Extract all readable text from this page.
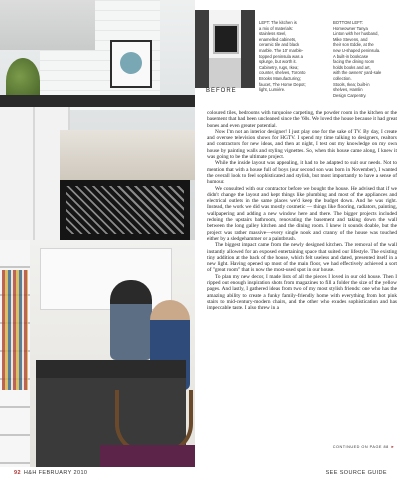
BEFORE
LEFT: The kitchen is
a mix of materials:
stainless steel,
enamelled cabinets,
ceramic tile and black
marble. The 10' marble-
topped peninsula was a
splurge, but worth it.
Cabinetry, rugs, Ikea;
counter, shelves, Toronto
Brooks Manufacturing;
faucet, The Home Depot;
light, Lumière.
BOTTOM LEFT:
Homeowner Tanya
Linton with her husband,
Mike Stevens, and
their son Eddie, at the
new U-shaped peninsula.
A built-in bookcase
facing the dining room
holds books and art,
with the owners' yard-sale
collection.
Stools, Ikea; built-in
shelves, Hamlin
Design Carpentry.

coloured tiles, bedrooms with turquoise carpeting, the powder room in the kitchen or the basement that had been uncleaned since the '60s. We loved the house because it had great bones and even greater potential.

Now I'm not an interior designer! I just play one for the sake of TV. By day, I create and oversee television shows for HGTV. I spend my time talking to designers, realtors and contractors for new ideas, and then at night, I test out my knowledge on my own house by painting walls and styling vignettes. So, when this house came along, I knew it was going to be the ultimate project.

While the inside layout was appealing, it had to be adapted to suit our needs. Not to mention that with a house full of boys (our second son was born in November), I wanted the overall look to feel sophisticated and stylish, but most importantly to have a sense of humour.

We consulted with our contractor before we bought the house. He advised that if we didn't change the layout and kept things like plumbing and most of the appliances and electrical outlets in the same places we'd keep the budget down. And he was right. Instead, the work we did was mostly cosmetic — things like flooring, radiators, painting, wallpapering and adding a new window here and there. The bigger projects included redoing the upstairs bathroom, renovating the basement and taking down the wall between the long galley kitchen and the dining room. I knew it sounds doable, but the project was rather massive—every single nook and cranny of the house was touched either by a sledgehammer or a paintbrush.

The biggest impact came from the newly designed kitchen. The removal of the wall instantly allowed for an exposed entertaining space that suited our lifestyle. The existing tiny addition at the back of the house, which felt useless and dated, presented itself in a new light. Having opened up most of the main floor, we had effectively achieved a sort of "great room" that is now the most-used spot in our house.

To plan my new decor, I made lists of all the pieces I loved in our old house. Then I ripped out enough inspiration shots from magazines to fill a folder the size of the yellow pages. And lastly, I gathered ideas from two of my most stylish friends: one who has the amazing ability to create a funky family-friendly home with everything from hot pink stairs to mid-century-modern chairs, and the other who exudes sophistication and has impeccable taste. I also threw in a

CONTINUED ON PAGE 88 ►
92 H&H FEBRUARY 2010	SEE SOURCE GUIDE
